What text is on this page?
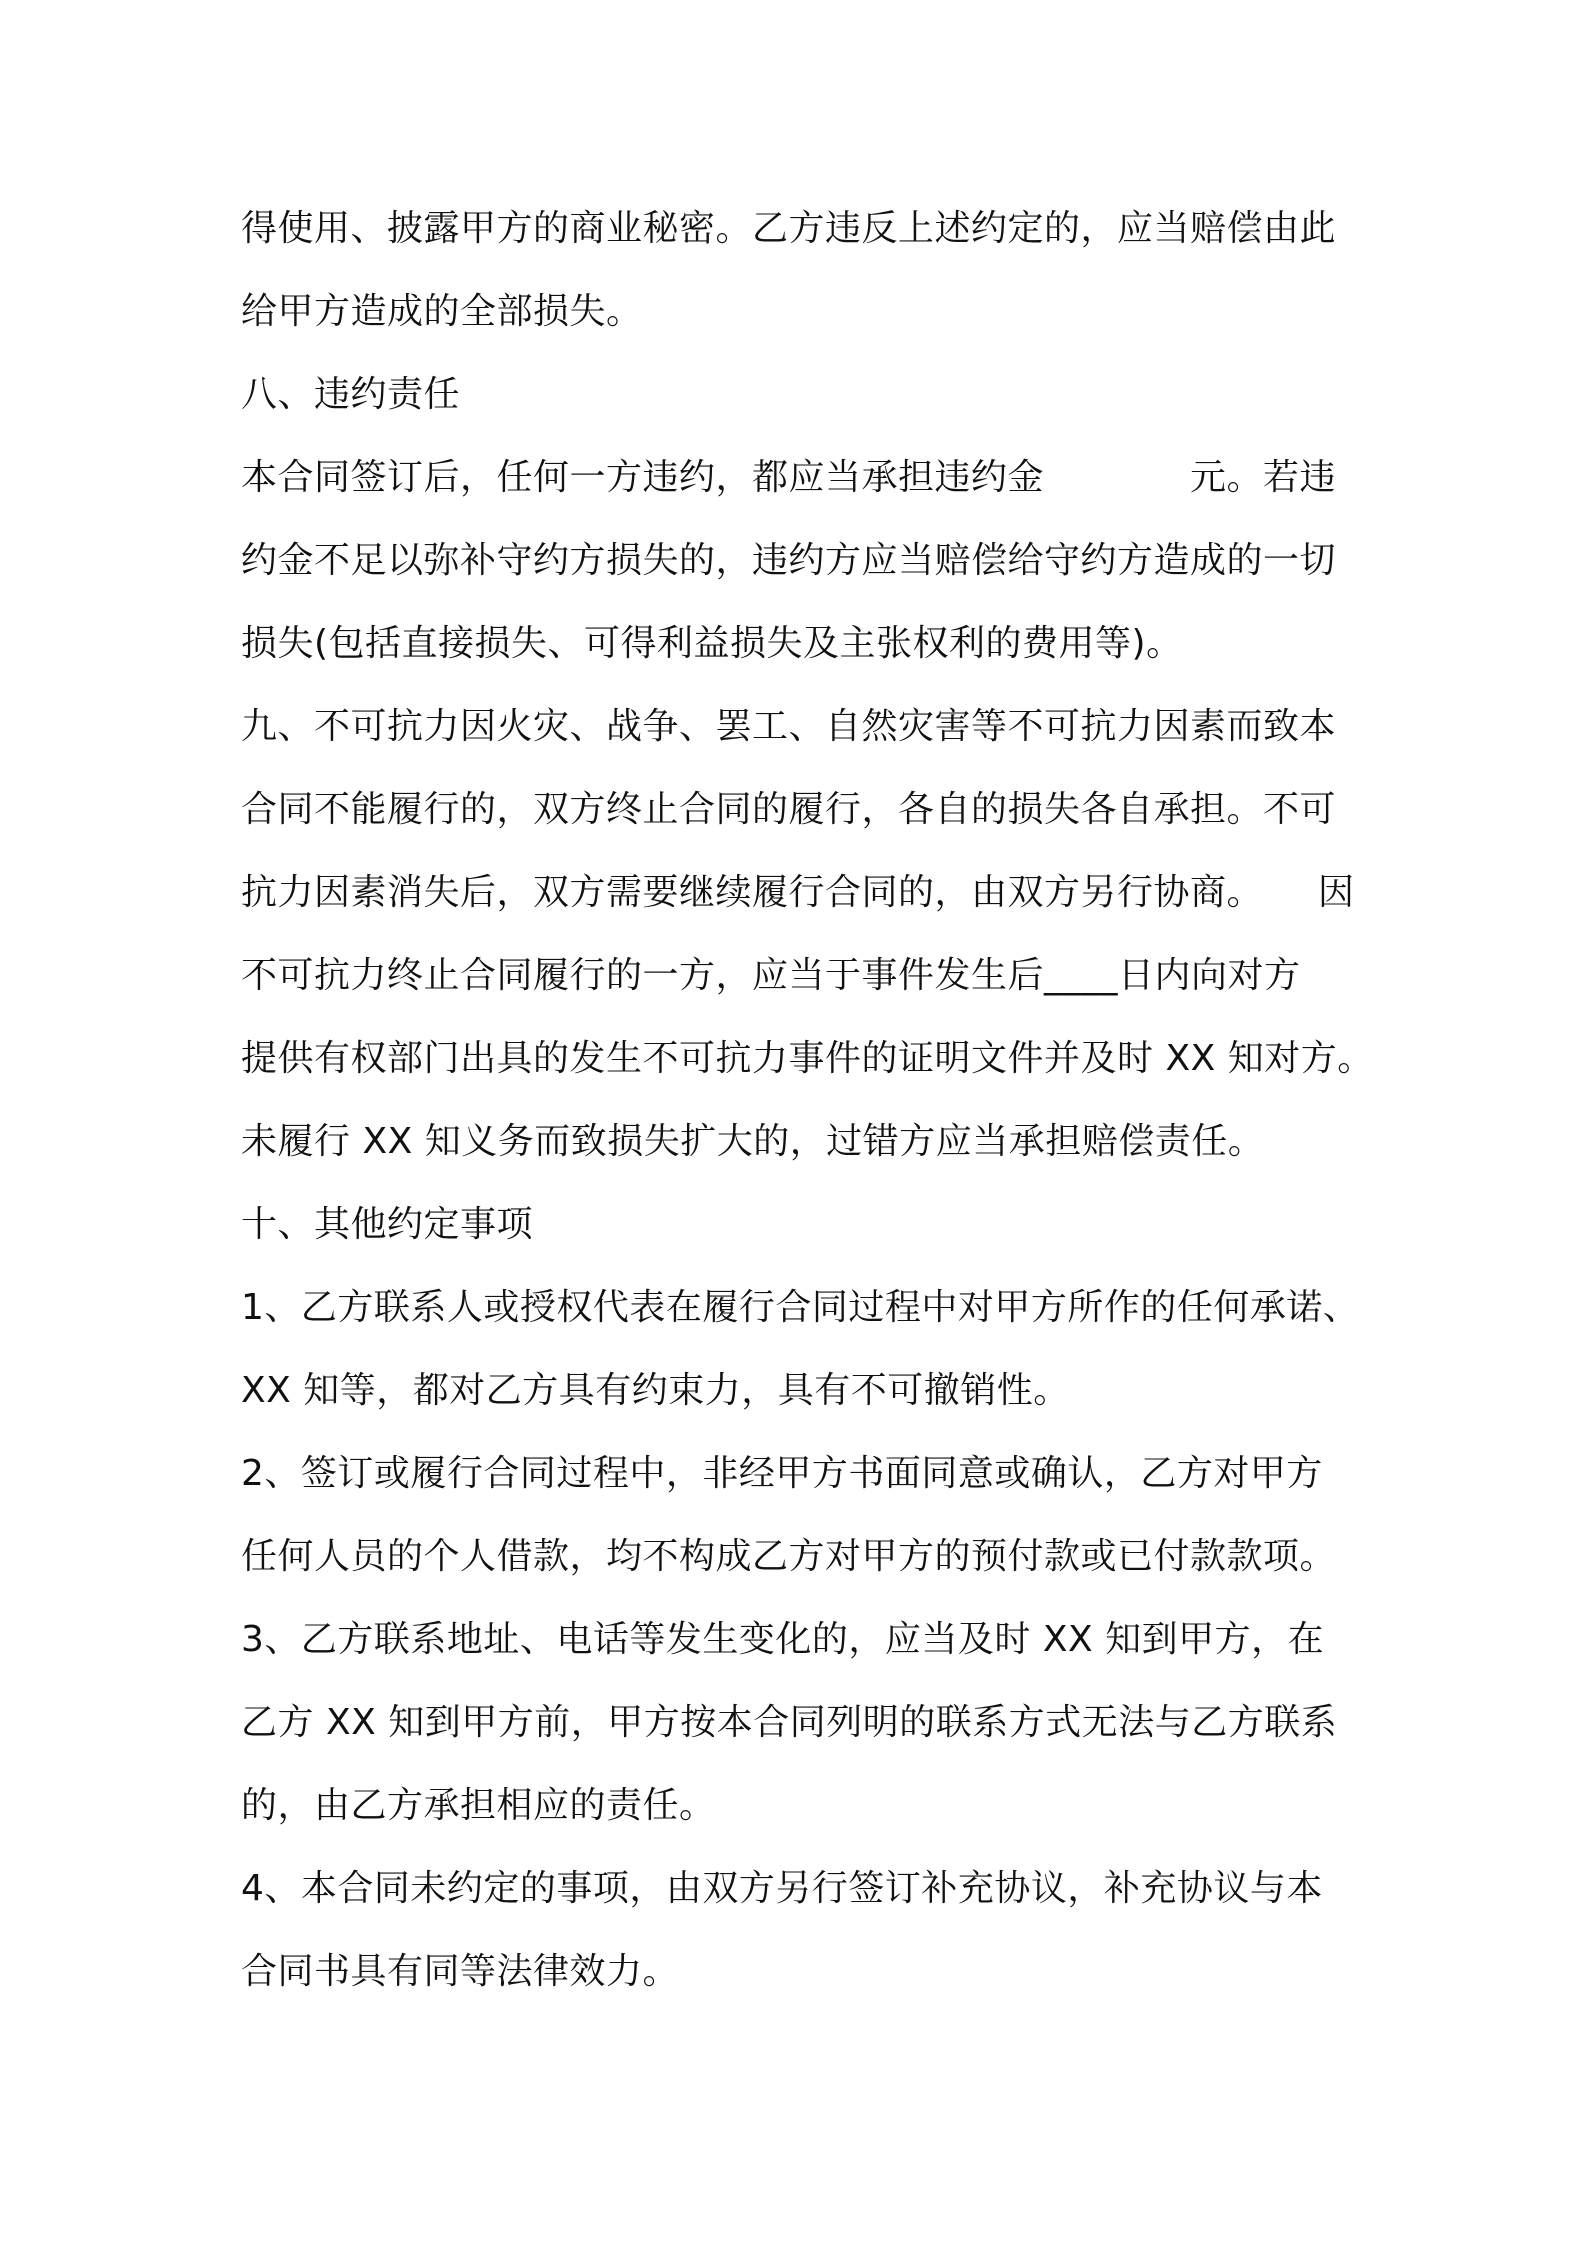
得使用、披露甲方的商业秘密。乙方违反上述约定的，应当赔偿由此
给甲方造成的全部损失。
八、违约责任
本合同签订后，任何一方违约，都应当承担违约金　　　　元。若违
约金不足以弥补守约方损失的，违约方应当赔偿给守约方造成的一切
损失(包括直接损失、可得利益损失及主张权利的费用等)。
九、不可抗力因火灾、战争、罢工、自然灾害等不可抗力因素而致本
合同不能履行的，双方终止合同的履行，各自的损失各自承担。不可
抗力因素消失后，双方需要继续履行合同的，由双方另行协商。　　因
不可抗力终止合同履行的一方，应当于事件发生后____日内向对方
提供有权部门出具的发生不可抗力事件的证明文件并及时 XX 知对方。
未履行 XX 知义务而致损失扩大的，过错方应当承担赔偿责任。
十、其他约定事项
1、乙方联系人或授权代表在履行合同过程中对甲方所作的任何承诺、
XX 知等，都对乙方具有约束力，具有不可撤销性。
2、签订或履行合同过程中，非经甲方书面同意或确认，乙方对甲方
任何人员的个人借款，均不构成乙方对甲方的预付款或已付款款项。
3、乙方联系地址、电话等发生变化的，应当及时 XX 知到甲方，在
乙方 XX 知到甲方前，甲方按本合同列明的联系方式无法与乙方联系
的，由乙方承担相应的责任。
4、本合同未约定的事项，由双方另行签订补充协议，补充协议与本
合同书具有同等法律效力。
